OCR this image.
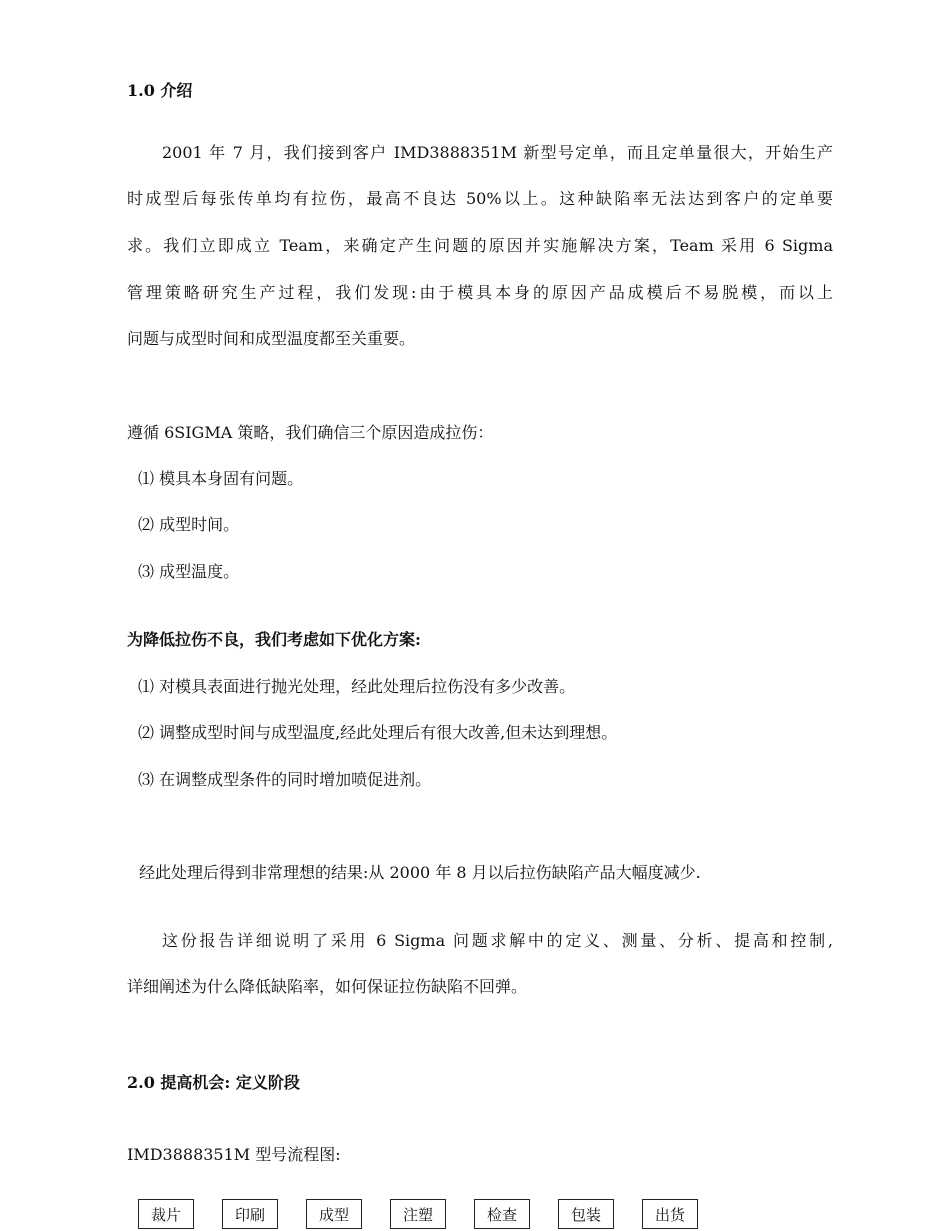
1.0 介绍
2001 年 7 月，我们接到客户 IMD3888351M 新型号定单，而且定单量很大，开始生产
时成型后每张传单均有拉伤，最高不良达 50%以上。这种缺陷率无法达到客户的定单要
求。我们立即成立 Team，来确定产生问题的原因并实施解决方案，Team 采用 6 Sigma
管理策略研究生产过程，我们发现:由于模具本身的原因产品成模后不易脱模，而以上
问题与成型时间和成型温度都至关重要。
遵循 6SIGMA 策略，我们确信三个原因造成拉伤：
⑴ 模具本身固有问题。
⑵ 成型时间。
⑶ 成型温度。
为降低拉伤不良，我们考虑如下优化方案:
⑴ 对模具表面进行抛光处理，经此处理后拉伤没有多少改善。
⑵ 调整成型时间与成型温度,经此处理后有很大改善,但未达到理想。
⑶ 在调整成型条件的同时增加喷促进剂。
经此处理后得到非常理想的结果:从 2000 年 8 月以后拉伤缺陷产品大幅度减少.
这份报告详细说明了采用 6 Sigma 问题求解中的定义、测量、分析、提高和控制,
详细阐述为什么降低缺陷率，如何保证拉伤缺陷不回弹。
2.0 提高机会: 定义阶段
IMD3888351M 型号流程图:
裁片	印刷	成型	注塑	检查	包装	出货
